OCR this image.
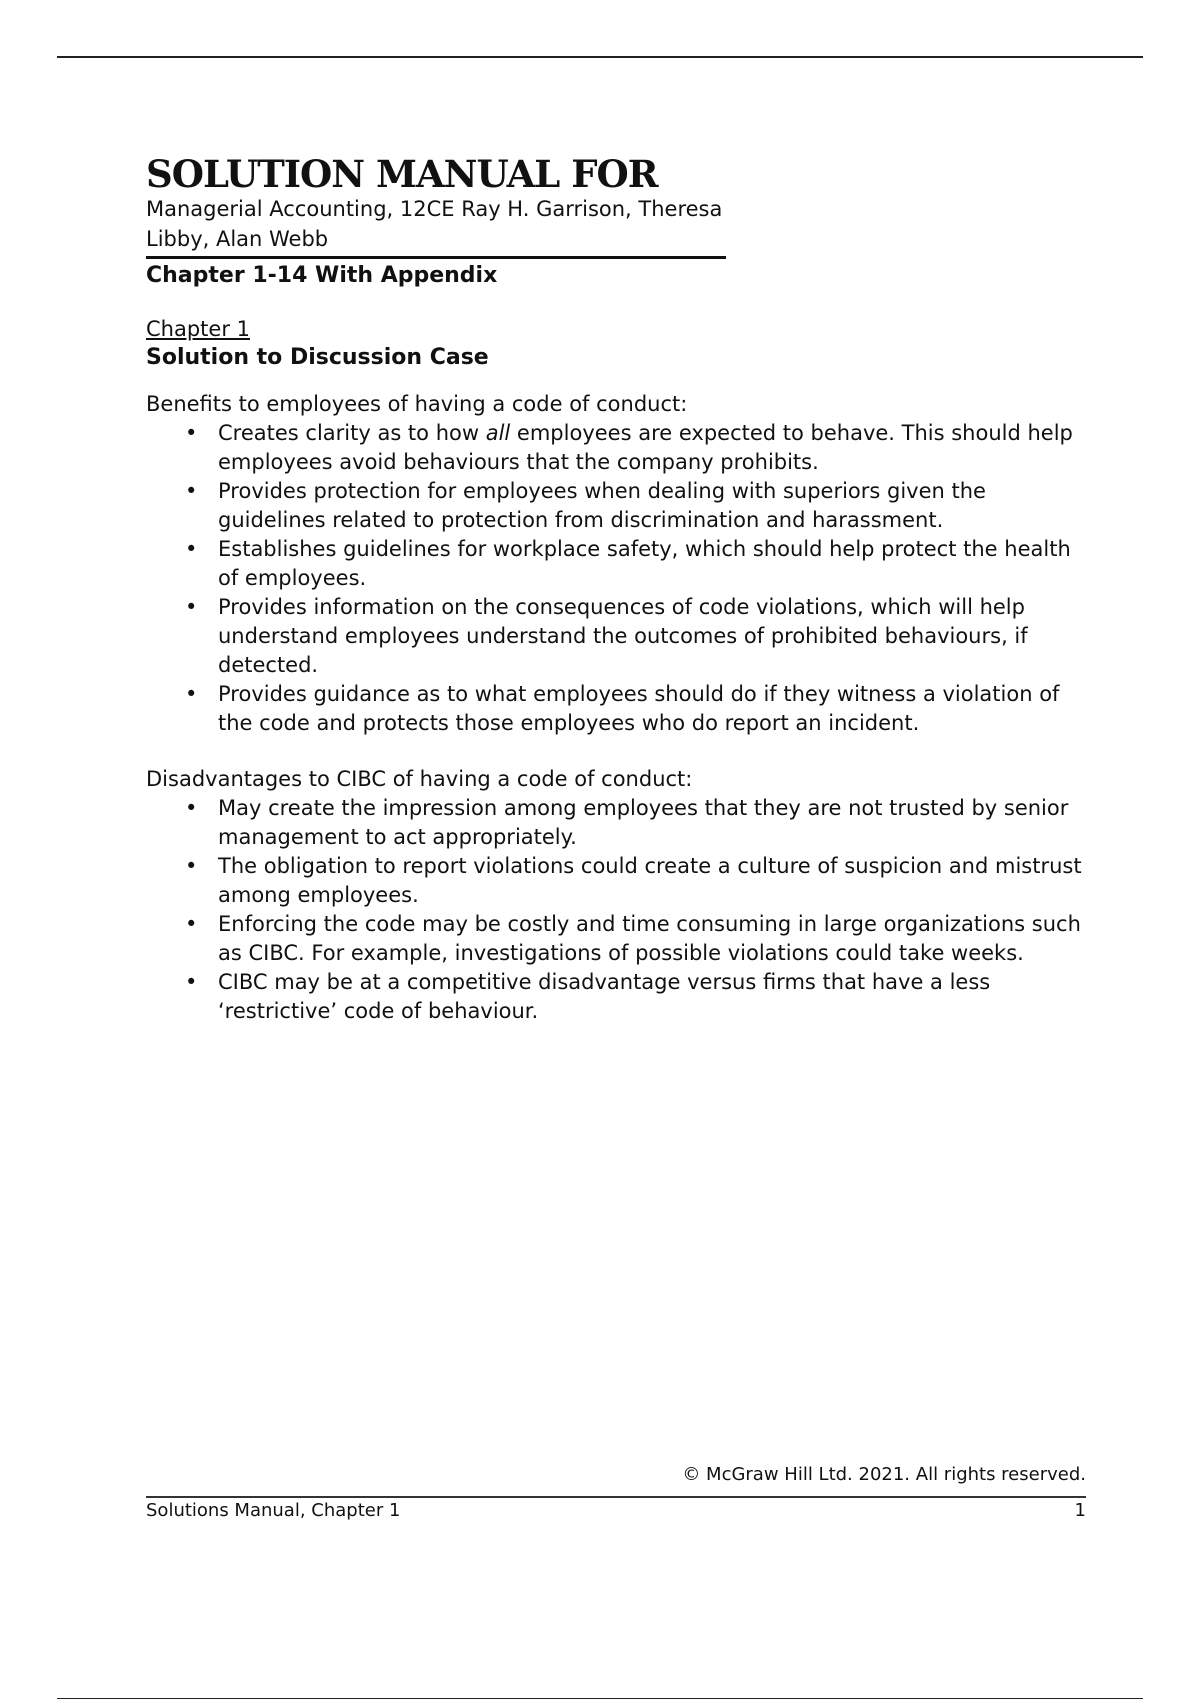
SOLUTION MANUAL FOR

Managerial Accounting, 12CE Ray H. Garrison, Theresa Libby, Alan Webb

Chapter 1-14 With Appendix

Chapter 1

Solution to Discussion Case

Benefits to employees of having a code of conduct:

• Creates clarity as to how all employees are expected to behave. This should help employees avoid behaviours that the company prohibits.
• Provides protection for employees when dealing with superiors given the guidelines related to protection from discrimination and harassment.
• Establishes guidelines for workplace safety, which should help protect the health of employees.
• Provides information on the consequences of code violations, which will help understand employees understand the outcomes of prohibited behaviours, if detected.
• Provides guidance as to what employees should do if they witness a violation of the code and protects those employees who do report an incident.

Disadvantages to CIBC of having a code of conduct:

• May create the impression among employees that they are not trusted by senior management to act appropriately.
• The obligation to report violations could create a culture of suspicion and mistrust among employees.
• Enforcing the code may be costly and time consuming in large organizations such as CIBC. For example, investigations of possible violations could take weeks.
• CIBC may be at a competitive disadvantage versus firms that have a less ‘restrictive’ code of behaviour.
© McGraw Hill Ltd. 2021. All rights reserved.
Solutions Manual, Chapter 1	1
